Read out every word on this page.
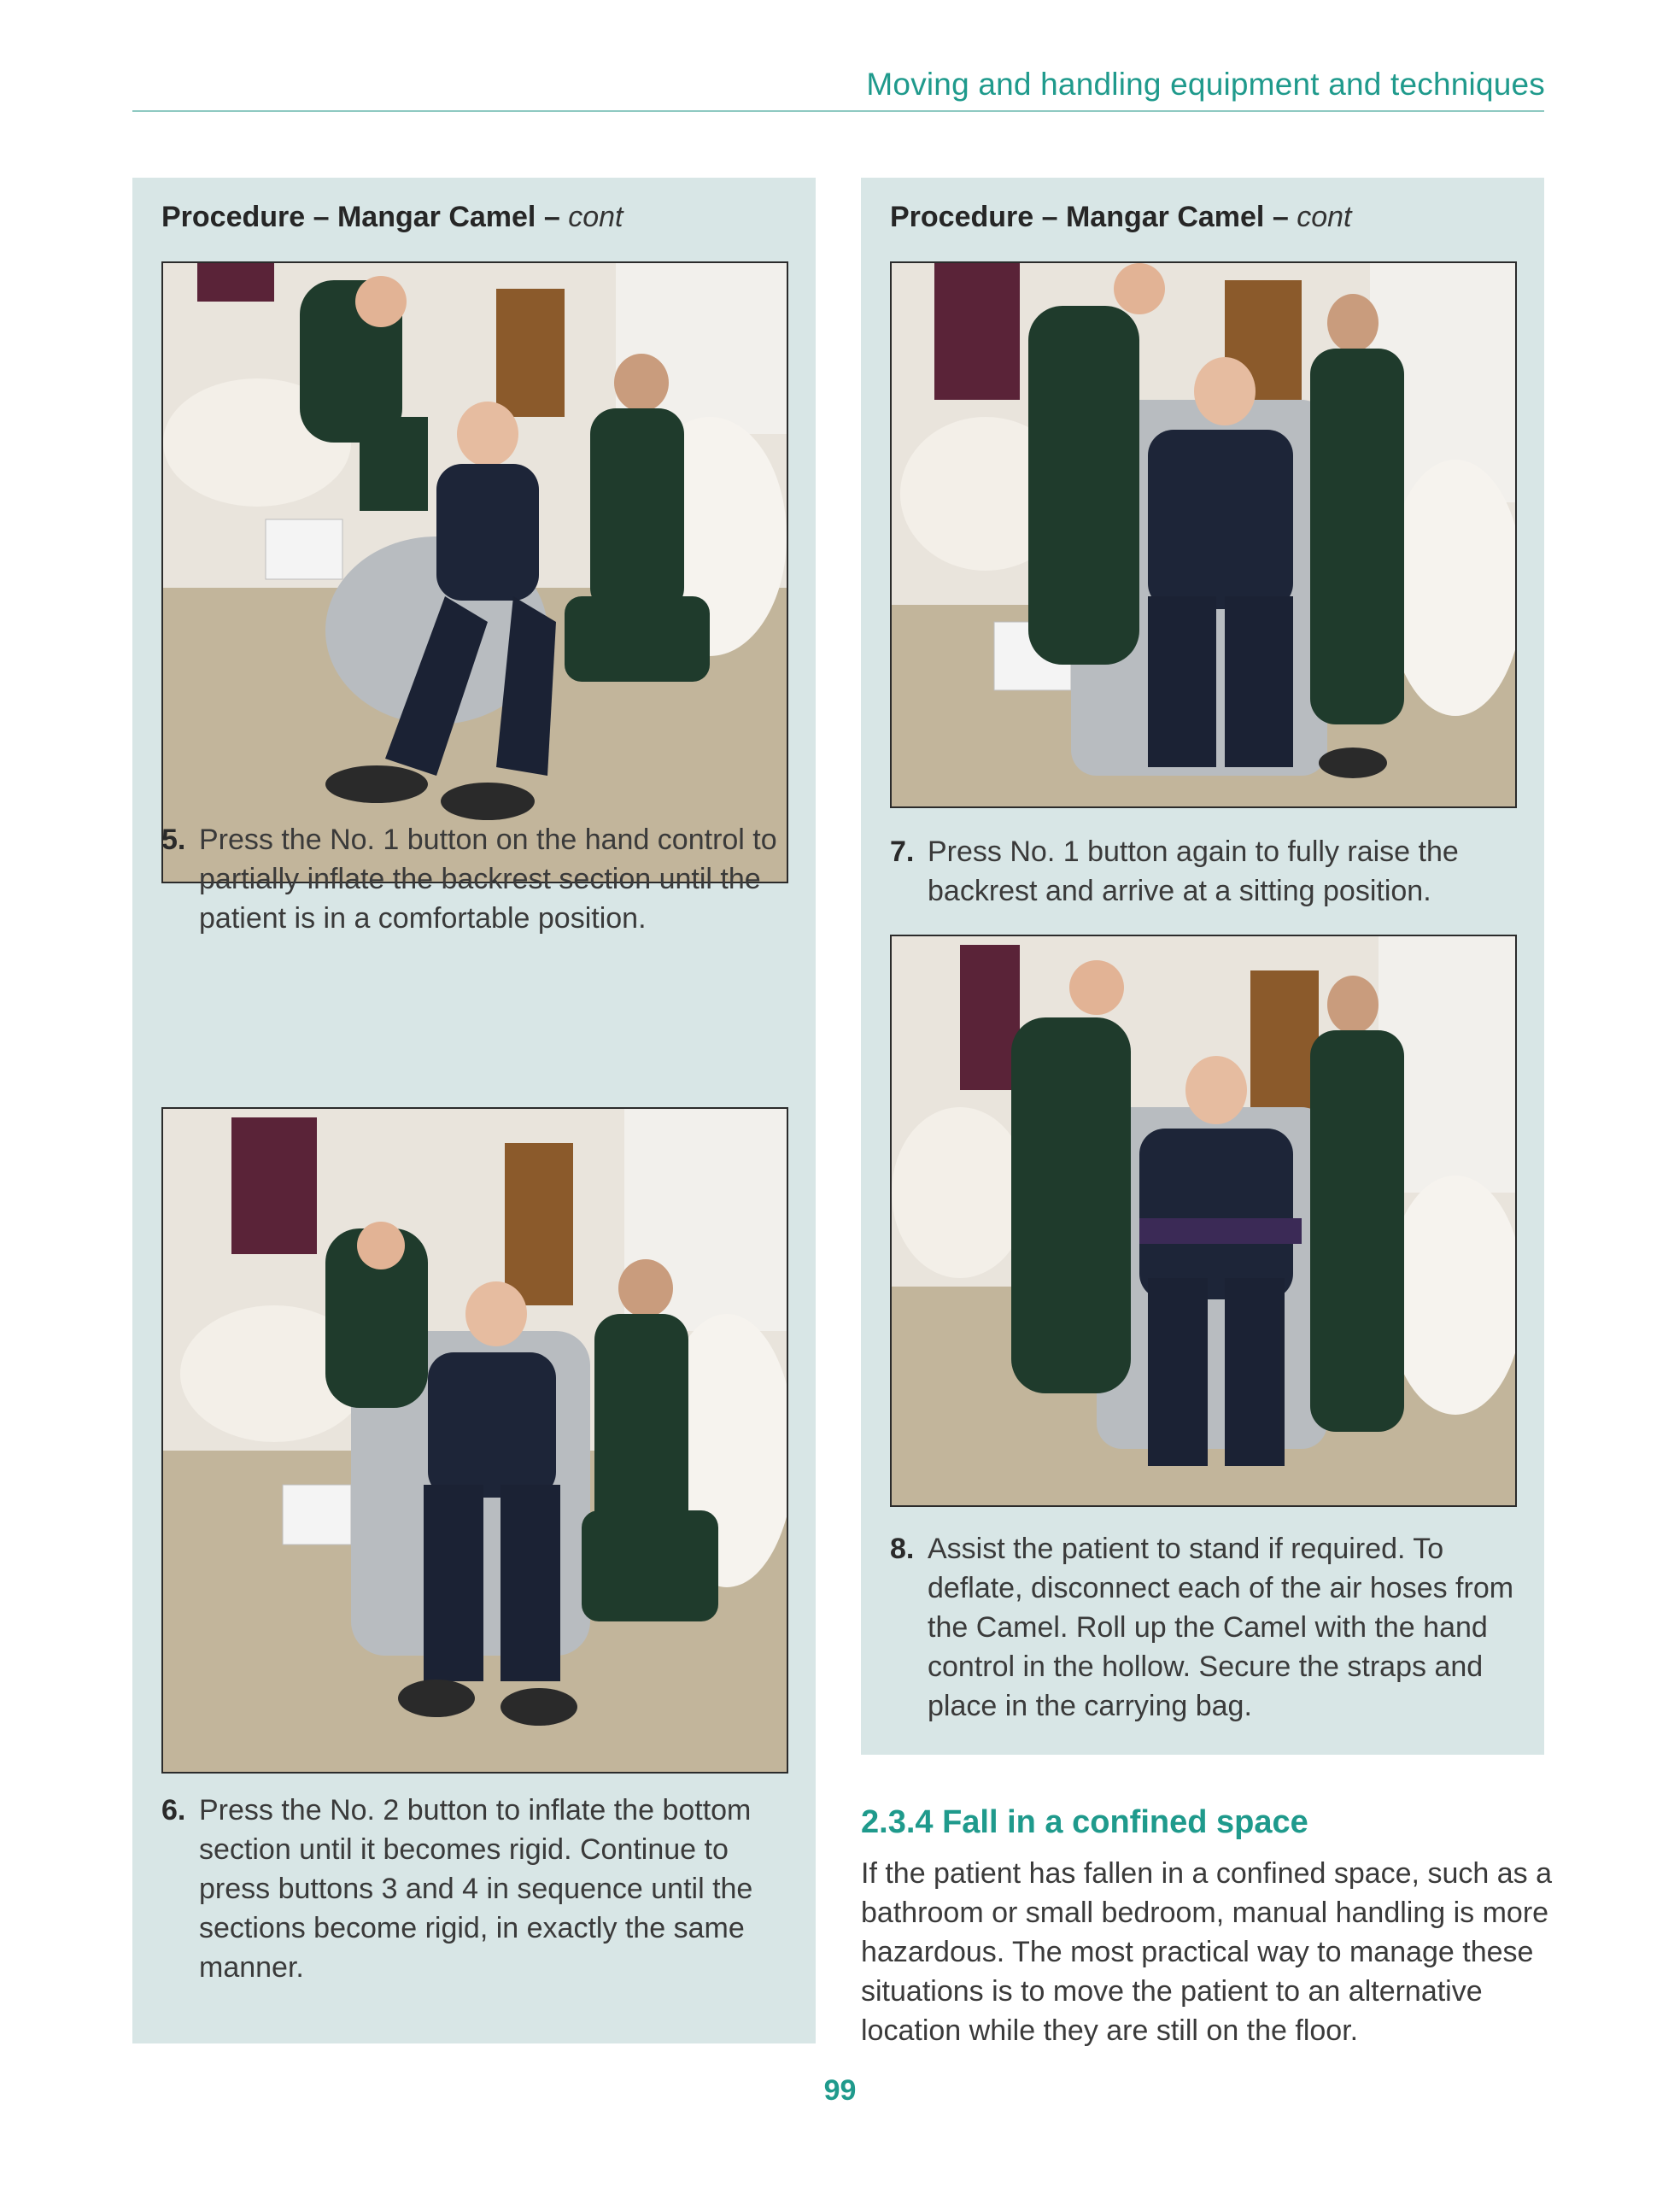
Moving and handling equipment and techniques
Procedure – Mangar Camel – cont
5. Press the No. 1 button on the hand control to partially inflate the backrest section until the patient is in a comfortable position.
6. Press the No. 2 button to inflate the bottom section until it becomes rigid. Continue to press buttons 3 and 4 in sequence until the sections become rigid, in exactly the same manner.
Procedure – Mangar Camel – cont
7. Press No. 1 button again to fully raise the backrest and arrive at a sitting position.
8. Assist the patient to stand if required. To deflate, disconnect each of the air hoses from the Camel. Roll up the Camel with the hand control in the hollow. Secure the straps and place in the carrying bag.
2.3.4 Fall in a confined space
If the patient has fallen in a confined space, such as a bathroom or small bedroom, manual handling is more hazardous. The most practical way to manage these situations is to move the patient to an alternative location while they are still on the floor.
99
